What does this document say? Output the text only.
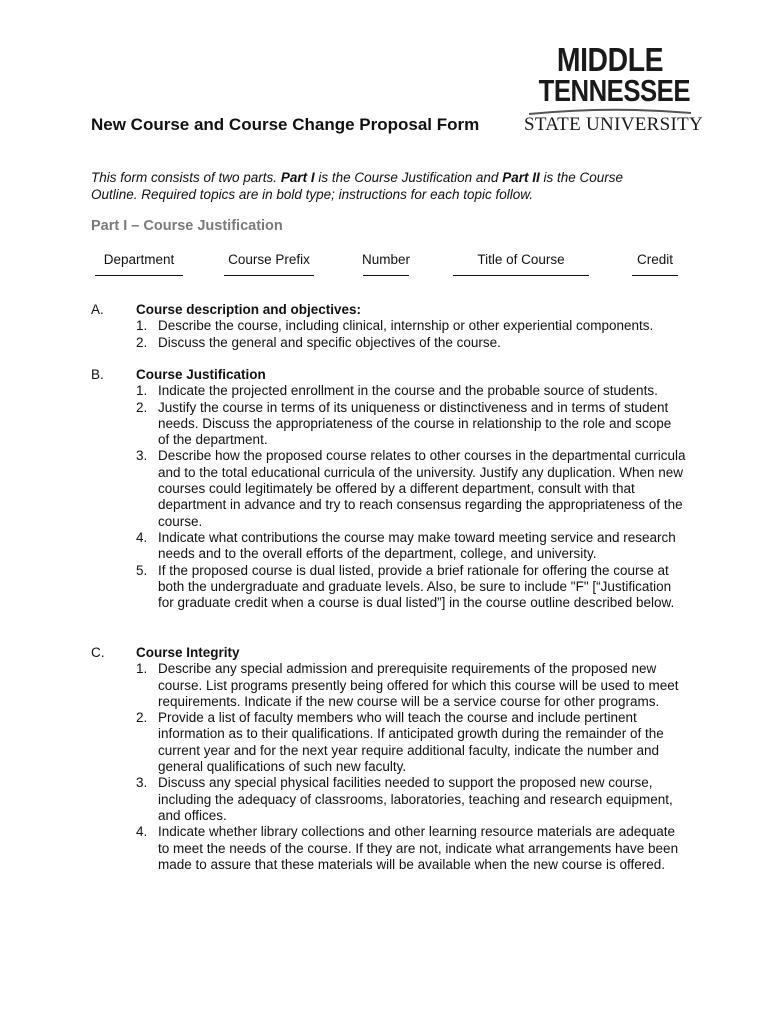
MIDDLE
TENNESSEE
STATE UNIVERSITY
New Course and Course Change Proposal Form
This form consists of two parts. Part I is the Course Justification and Part II is the Course Outline. Required topics are in bold type; instructions for each topic follow.
Part I – Course Justification
Department	Course Prefix	Number	Title of Course	Credit
A. Course description and objectives:
1. Describe the course, including clinical, internship or other experiential components.
2. Discuss the general and specific objectives of the course.
B. Course Justification
1. Indicate the projected enrollment in the course and the probable source of students.
2. Justify the course in terms of its uniqueness or distinctiveness and in terms of student needs. Discuss the appropriateness of the course in relationship to the role and scope of the department.
3. Describe how the proposed course relates to other courses in the departmental curricula and to the total educational curricula of the university. Justify any duplication. When new courses could legitimately be offered by a different department, consult with that department in advance and try to reach consensus regarding the appropriateness of the course.
4. Indicate what contributions the course may make toward meeting service and research needs and to the overall efforts of the department, college, and university.
5. If the proposed course is dual listed, provide a brief rationale for offering the course at both the undergraduate and graduate levels. Also, be sure to include "F" [“Justification for graduate credit when a course is dual listed”] in the course outline described below.
C. Course Integrity
1. Describe any special admission and prerequisite requirements of the proposed new course. List programs presently being offered for which this course will be used to meet requirements. Indicate if the new course will be a service course for other programs.
2. Provide a list of faculty members who will teach the course and include pertinent information as to their qualifications. If anticipated growth during the remainder of the current year and for the next year require additional faculty, indicate the number and general qualifications of such new faculty.
3. Discuss any special physical facilities needed to support the proposed new course, including the adequacy of classrooms, laboratories, teaching and research equipment, and offices.
4. Indicate whether library collections and other learning resource materials are adequate to meet the needs of the course. If they are not, indicate what arrangements have been made to assure that these materials will be available when the new course is offered.
